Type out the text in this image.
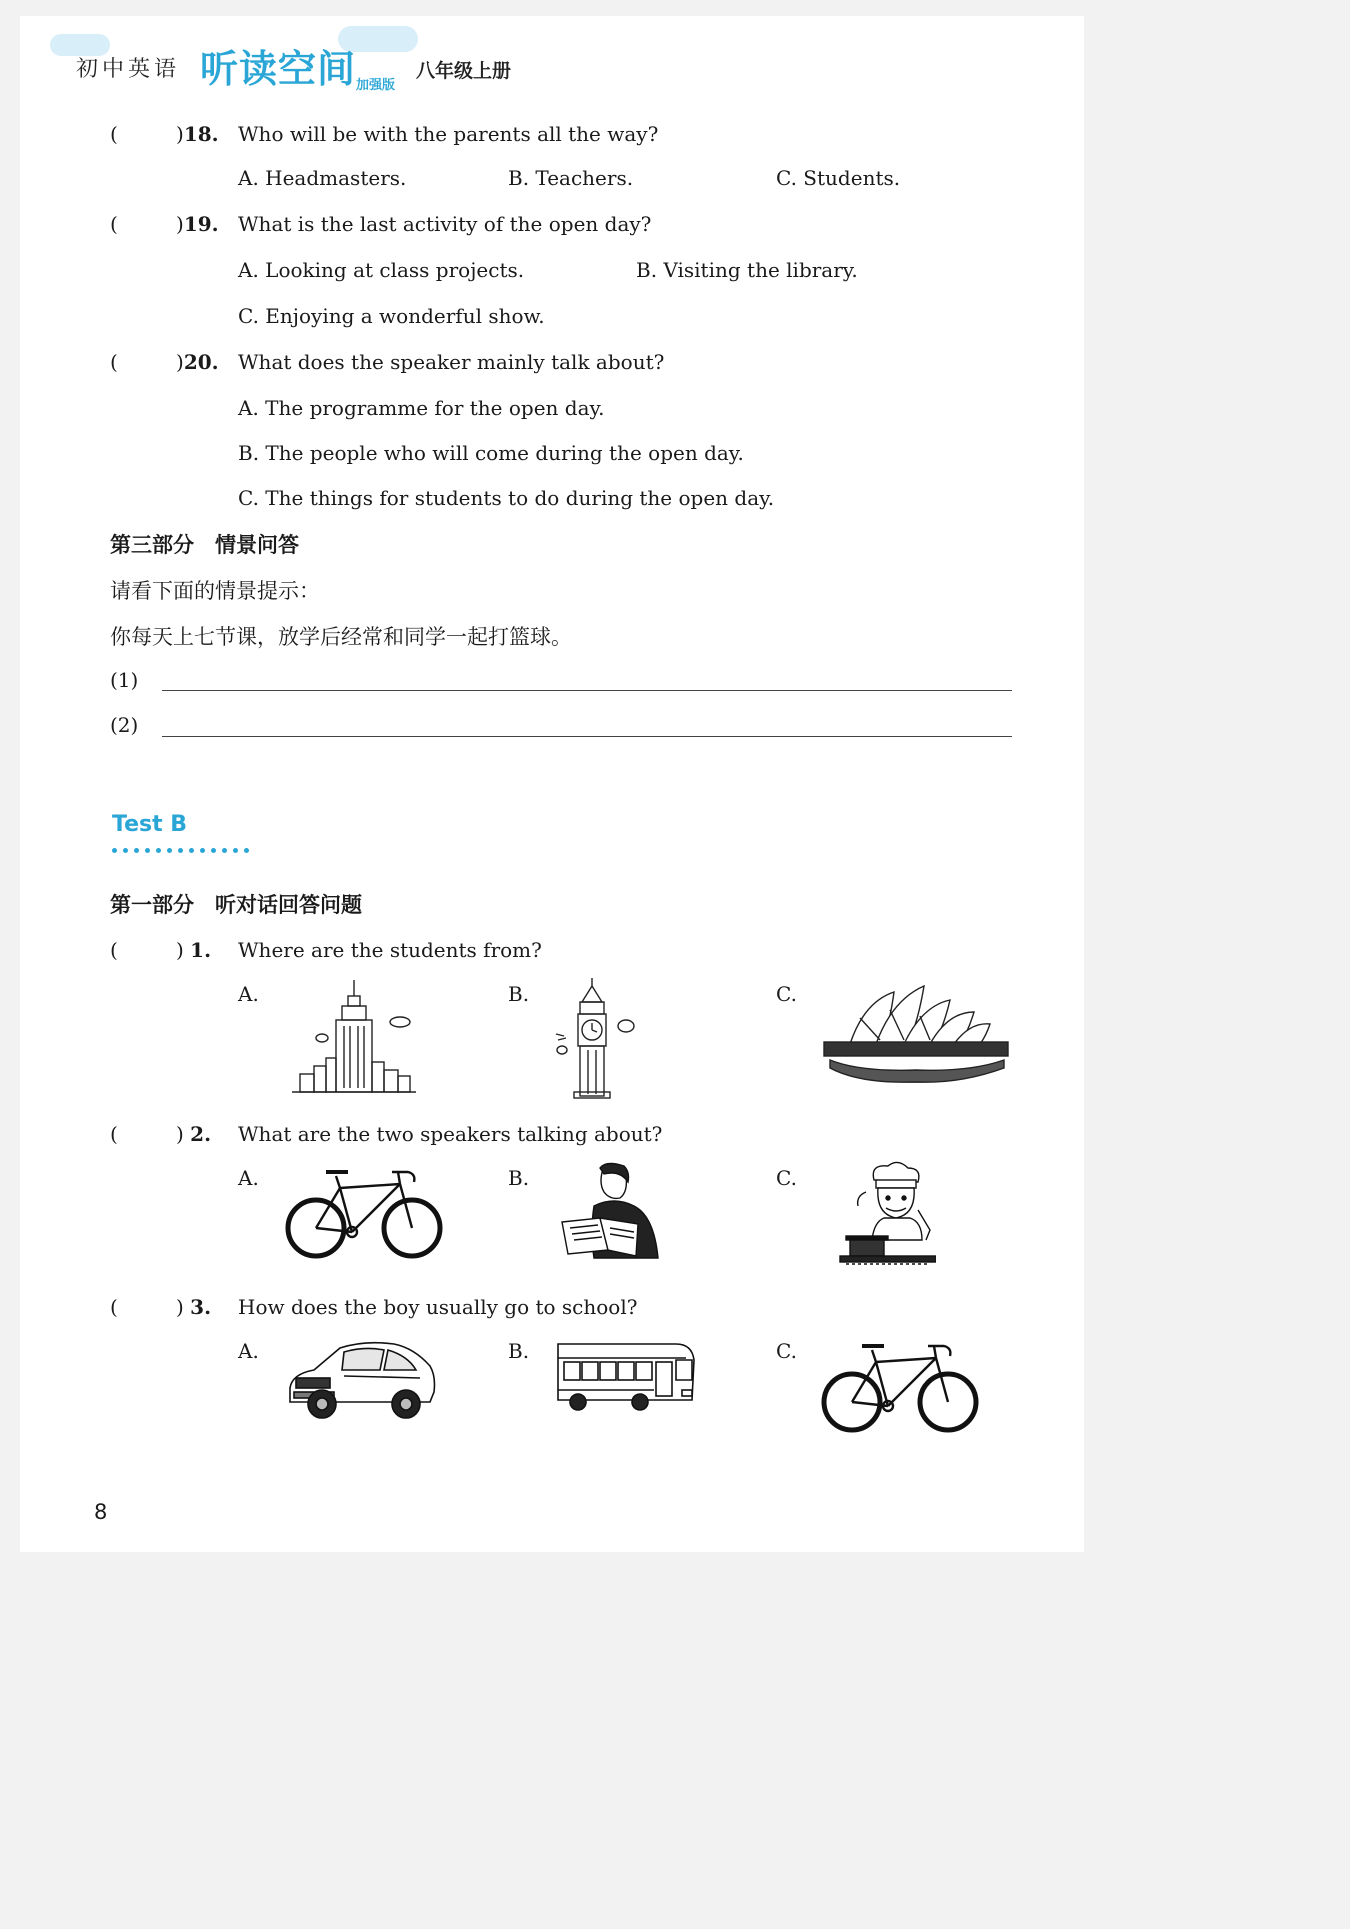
初中英语 听读空间 加强版
八年级上册
(	)18. Who will be with the parents all the way?
A. Headmasters.	B. Teachers.	C. Students.
(	)19. What is the last activity of the open day?
A. Looking at class projects.	B. Visiting the library.
C. Enjoying a wonderful show.
(	)20. What does the speaker mainly talk about?
A. The programme for the open day.
B. The people who will come during the open day.
C. The things for students to do during the open day.
第三部分　情景问答
请看下面的情景提示：
你每天上七节课，放学后经常和同学一起打篮球。
(1)
(2)
Test B
第一部分　听对话回答问题
(	) 1. Where are the students from?
A.	B.	C.
(	) 2. What are the two speakers talking about?
A.	B.	C.
(	) 3. How does the boy usually go to school?
A.	B.	C.
8
